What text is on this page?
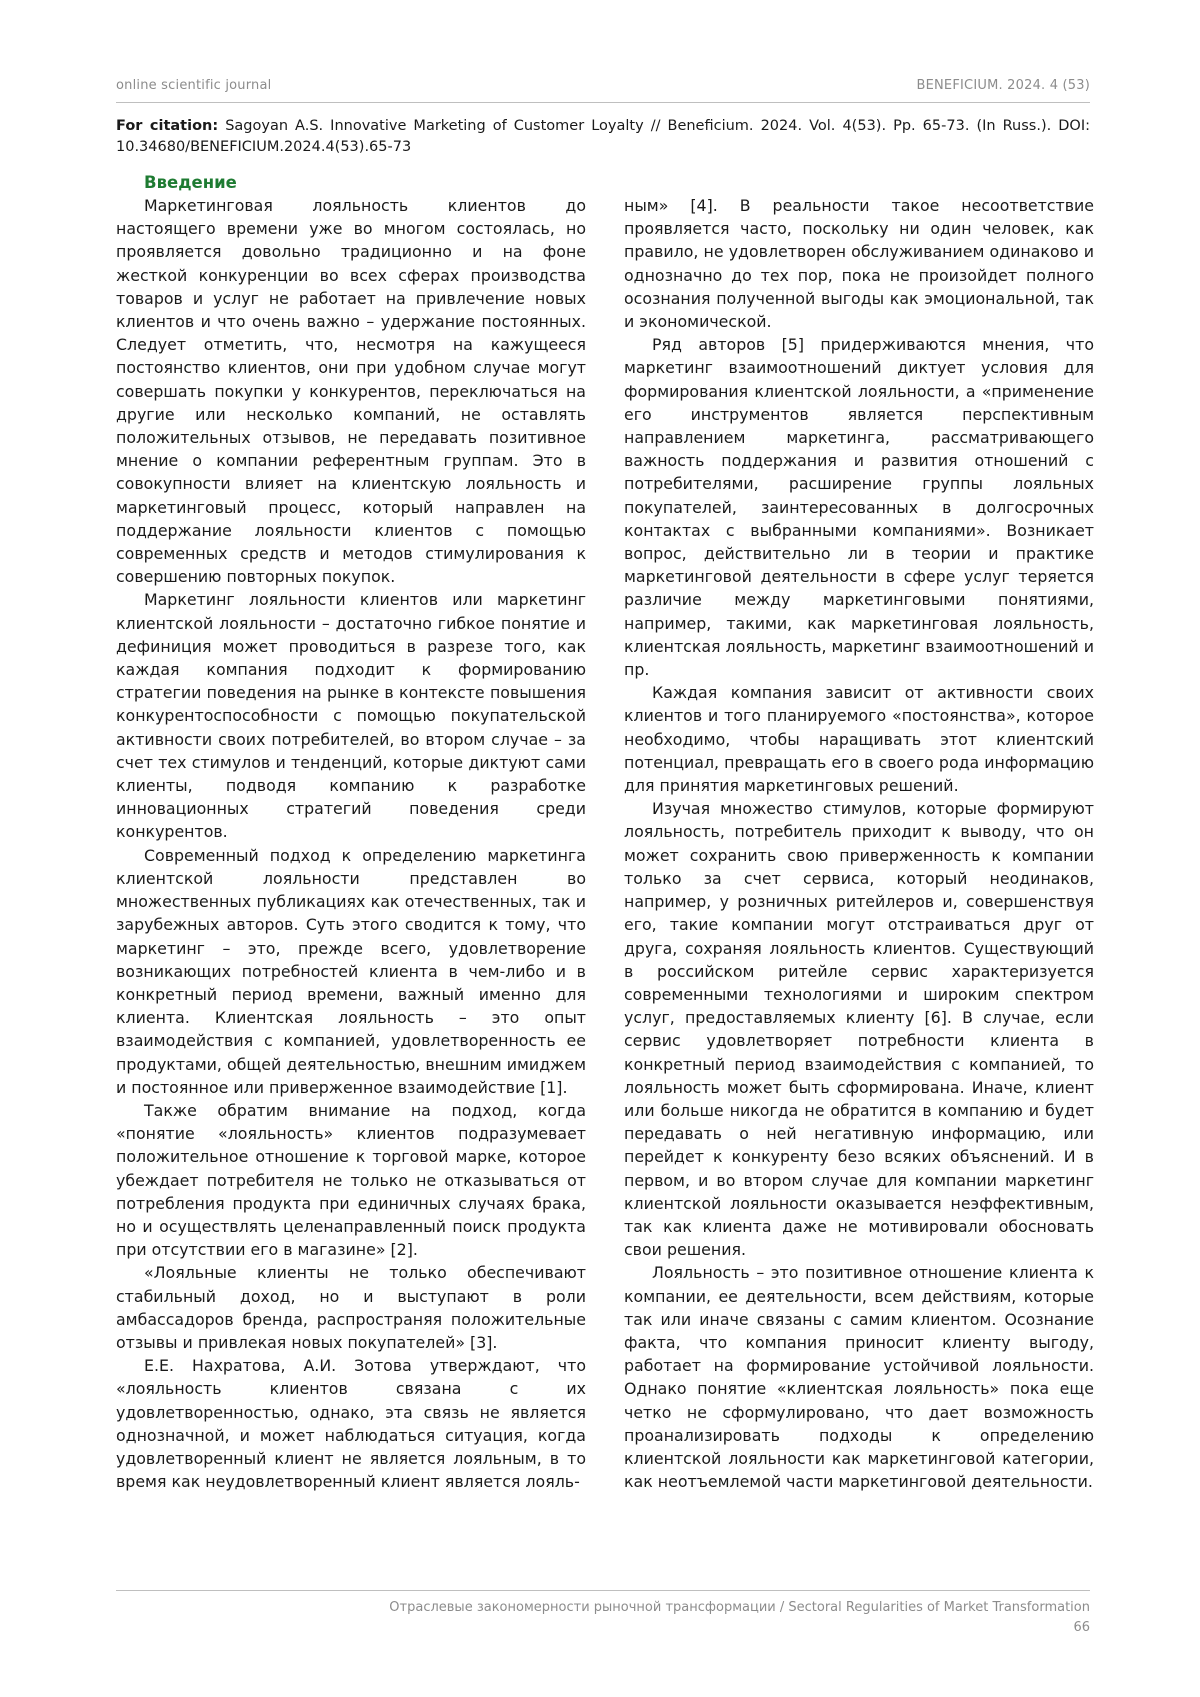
online scientific journal	BENEFICIUM. 2024. 4 (53)
For citation: Sagoyan A.S. Innovative Marketing of Customer Loyalty // Beneficium. 2024. Vol. 4(53). Pp. 65-73. (In Russ.). DOI: 10.34680/BENEFICIUM.2024.4(53).65-73
Введение

Маркетинговая лояльность клиентов до настоящего времени уже во многом состоялась, но проявляется довольно традиционно и на фоне жесткой конкуренции во всех сферах производства товаров и услуг не работает на привлечение новых клиентов и что очень важно – удержание постоянных. Следует отметить, что, несмотря на кажущееся постоянство клиентов, они при удобном случае могут совершать покупки у конкурентов, переключаться на другие или несколько компаний, не оставлять положительных отзывов, не передавать позитивное мнение о компании референтным группам. Это в совокупности влияет на клиентскую лояльность и маркетинговый процесс, который направлен на поддержание лояльности клиентов с помощью современных средств и методов стимулирования к совершению повторных покупок.

Маркетинг лояльности клиентов или маркетинг клиентской лояльности – достаточно гибкое понятие и дефиниция может проводиться в разрезе того, как каждая компания подходит к формированию стратегии поведения на рынке в контексте повышения конкурентоспособности с помощью покупательской активности своих потребителей, во втором случае – за счет тех стимулов и тенденций, которые диктуют сами клиенты, подводя компанию к разработке инновационных стратегий поведения среди конкурентов.

Современный подход к определению маркетинга клиентской лояльности представлен во множественных публикациях как отечественных, так и зарубежных авторов. Суть этого сводится к тому, что маркетинг – это, прежде всего, удовлетворение возникающих потребностей клиента в чем-либо и в конкретный период времени, важный именно для клиента. Клиентская лояльность – это опыт взаимодействия с компанией, удовлетворенность ее продуктами, общей деятельностью, внешним имиджем и постоянное или приверженное взаимодействие [1].

Также обратим внимание на подход, когда «понятие «лояльность» клиентов подразумевает положительное отношение к торговой марке, которое убеждает потребителя не только не отказываться от потребления продукта при единичных случаях брака, но и осуществлять целенаправленный поиск продукта при отсутствии его в магазине» [2].

«Лояльные клиенты не только обеспечивают стабильный доход, но и выступают в роли амбассадоров бренда, распространяя положительные отзывы и привлекая новых покупателей» [3].

Е.Е. Нахратова, А.И. Зотова утверждают, что «лояльность клиентов связана с их удовлетворенностью, однако, эта связь не является однозначной, и может наблюдаться ситуация, когда удовлетворенный клиент не является лояльным, в то время как неудовлетворенный клиент является лояль-

ным» [4]. В реальности такое несоответствие проявляется часто, поскольку ни один человек, как правило, не удовлетворен обслуживанием одинаково и однозначно до тех пор, пока не произойдет полного осознания полученной выгоды как эмоциональной, так и экономической.

Ряд авторов [5] придерживаются мнения, что маркетинг взаимоотношений диктует условия для формирования клиентской лояльности, а «применение его инструментов является перспективным направлением маркетинга, рассматривающего важность поддержания и развития отношений с потребителями, расширение группы лояльных покупателей, заинтересованных в долгосрочных контактах с выбранными компаниями». Возникает вопрос, действительно ли в теории и практике маркетинговой деятельности в сфере услуг теряется различие между маркетинговыми понятиями, например, такими, как маркетинговая лояльность, клиентская лояльность, маркетинг взаимоотношений и пр.

Каждая компания зависит от активности своих клиентов и того планируемого «постоянства», которое необходимо, чтобы наращивать этот клиентский потенциал, превращать его в своего рода информацию для принятия маркетинговых решений.

Изучая множество стимулов, которые формируют лояльность, потребитель приходит к выводу, что он может сохранить свою приверженность к компании только за счет сервиса, который неодинаков, например, у розничных ритейлеров и, совершенствуя его, такие компании могут отстраиваться друг от друга, сохраняя лояльность клиентов. Существующий в российском ритейле сервис характеризуется современными технологиями и широким спектром услуг, предоставляемых клиенту [6]. В случае, если сервис удовлетворяет потребности клиента в конкретный период взаимодействия с компанией, то лояльность может быть сформирована. Иначе, клиент или больше никогда не обратится в компанию и будет передавать о ней негативную информацию, или перейдет к конкуренту безо всяких объяснений. И в первом, и во втором случае для компании маркетинг клиентской лояльности оказывается неэффективным, так как клиента даже не мотивировали обосновать свои решения.

Лояльность – это позитивное отношение клиента к компании, ее деятельности, всем действиям, которые так или иначе связаны с самим клиентом. Осознание факта, что компания приносит клиенту выгоду, работает на формирование устойчивой лояльности. Однако понятие «клиентская лояльность» пока еще четко не сформулировано, что дает возможность проанализировать подходы к определению клиентской лояльности как маркетинговой категории, как неотъемлемой части маркетинговой деятельности.

Отраслевые закономерности рыночной трансформации / Sectoral Regularities of Market Transformation
66
